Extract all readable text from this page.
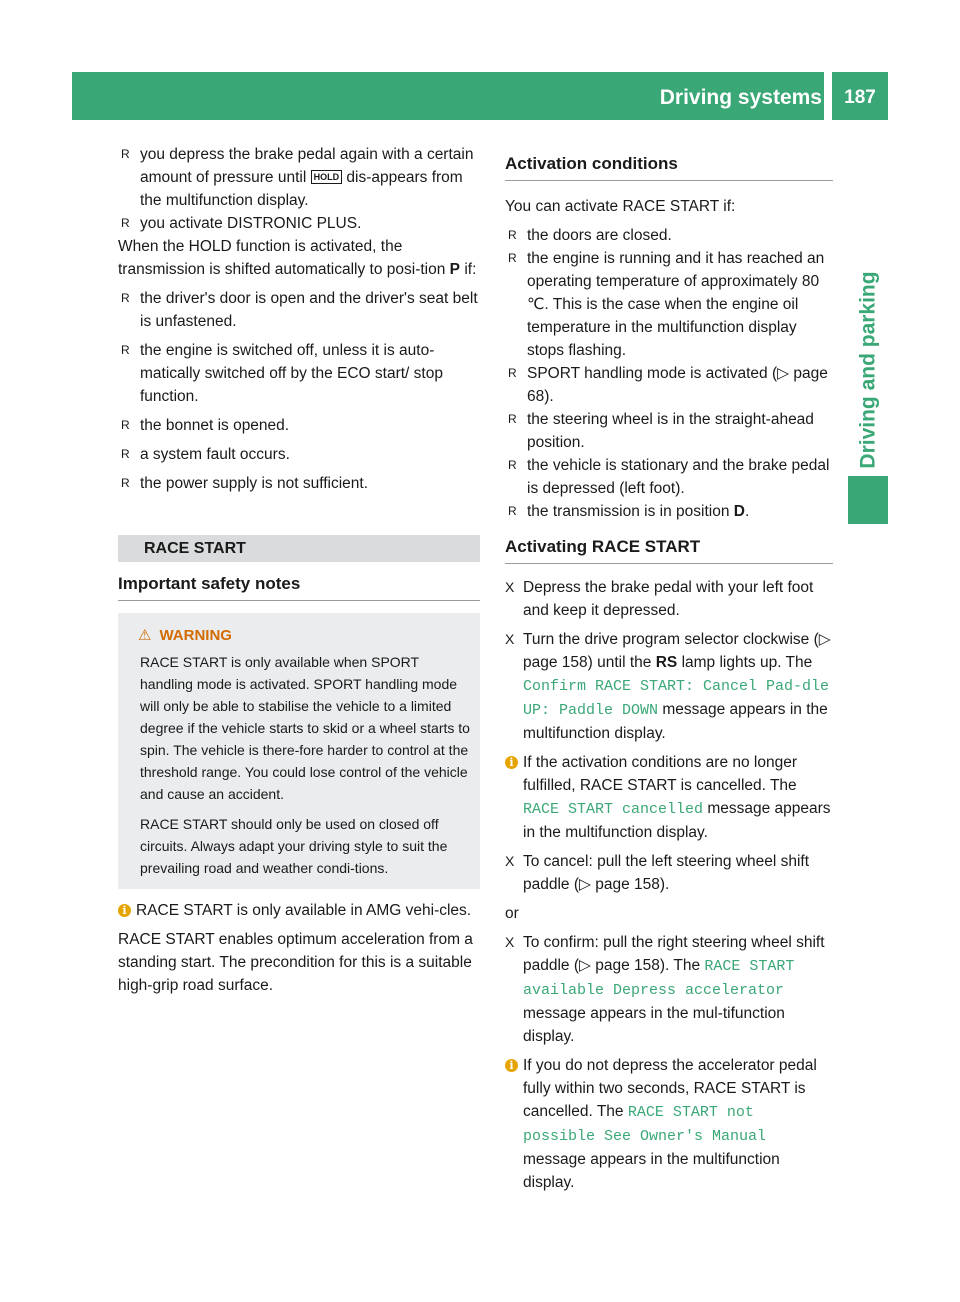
Driving systems	187
Driving and parking

R you depress the brake pedal again with a certain amount of pressure until HOLD dis-appears from the multifunction display.

R you activate DISTRONIC PLUS.

When the HOLD function is activated, the transmission is shifted automatically to posi-tion P if:

R the driver's door is open and the driver's seat belt is unfastened.

R the engine is switched off, unless it is auto-matically switched off by the ECO start/ stop function.

R the bonnet is opened.

R a system fault occurs.

R the power supply is not sufficient.

RACE START
Important safety notes
⚠ WARNING

RACE START is only available when SPORT handling mode is activated. SPORT handling mode will only be able to stabilise the vehicle to a limited degree if the vehicle starts to skid or a wheel starts to spin. The vehicle is there-fore harder to control at the threshold range. You could lose control of the vehicle and cause an accident.

RACE START should only be used on closed off circuits. Always adapt your driving style to suit the prevailing road and weather condi-tions.

i RACE START is only available in AMG vehi-cles.

RACE START enables optimum acceleration from a standing start. The precondition for this is a suitable high-grip road surface.

Activation conditions

You can activate RACE START if:

R the doors are closed.

R the engine is running and it has reached an operating temperature of approximately 80 ℃. This is the case when the engine oil temperature in the multifunction display stops flashing.

R SPORT handling mode is activated (▷ page 68).

R the steering wheel is in the straight-ahead position.

R the vehicle is stationary and the brake pedal is depressed (left foot).

R the transmission is in position D.

Activating RACE START

X Depress the brake pedal with your left foot and keep it depressed.

X Turn the drive program selector clockwise (▷ page 158) until the RS lamp lights up. The Confirm RACE START: Cancel Pad‐dle UP: Paddle DOWN message appears in the multifunction display.

i If the activation conditions are no longer fulfilled, RACE START is cancelled. The RACE START cancelled message appears in the multifunction display.

X To cancel: pull the left steering wheel shift paddle (▷ page 158).

or

X To confirm: pull the right steering wheel shift paddle (▷ page 158). The RACE START available Depress accelerator message appears in the mul-tifunction display.

i If you do not depress the accelerator pedal fully within two seconds, RACE START is cancelled. The RACE START not possible See Owner's Manual message appears in the multifunction display.
